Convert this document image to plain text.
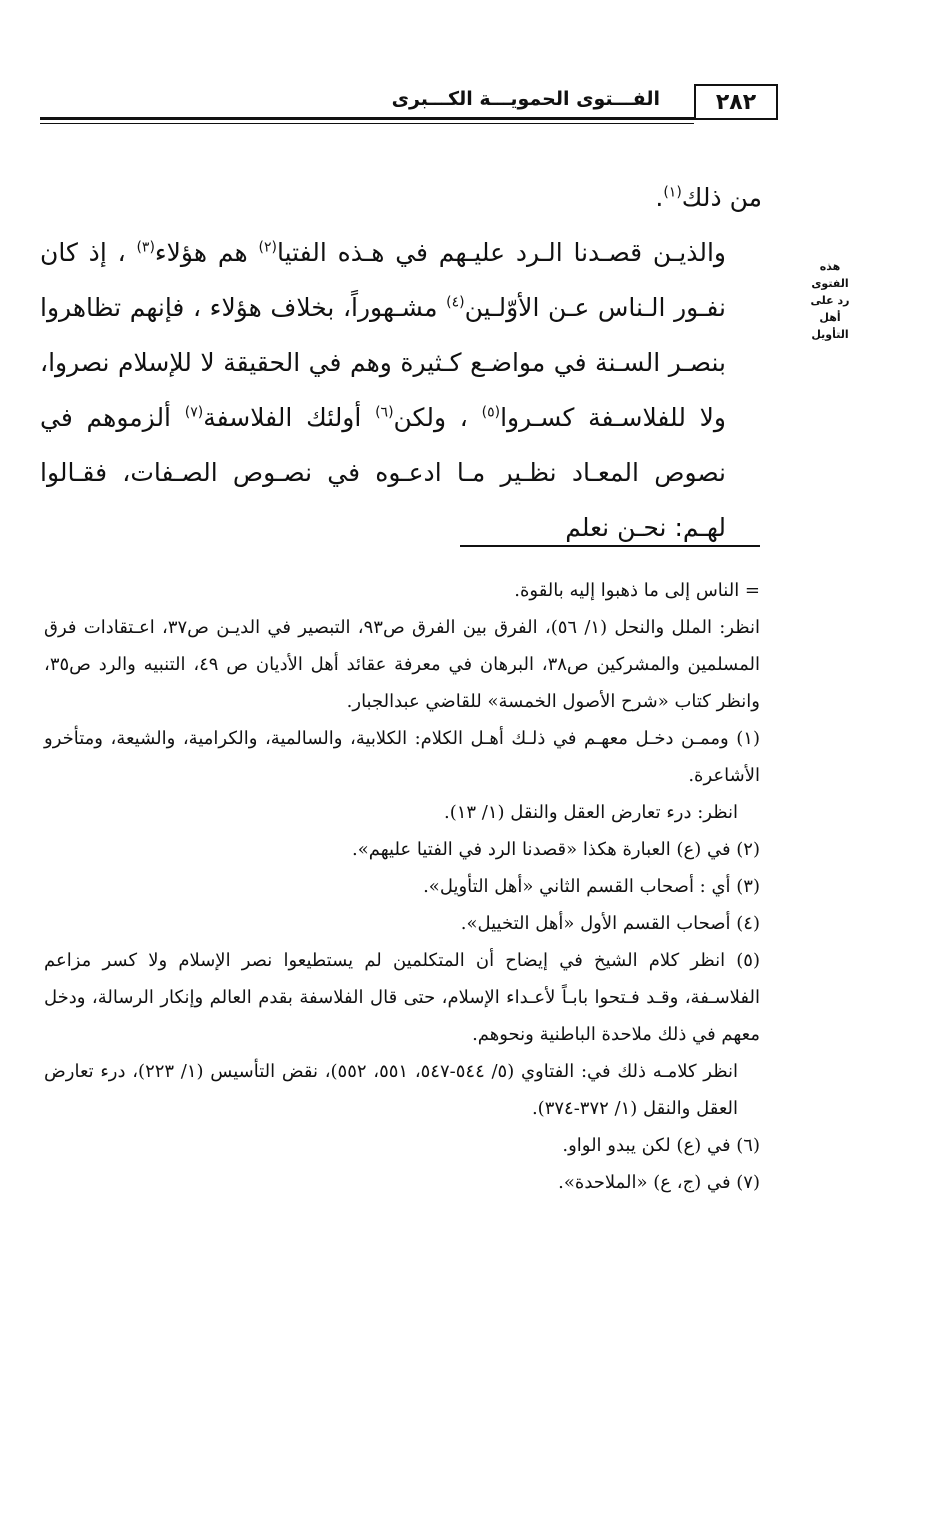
الفـــتوى الحمويـــة الكـــبرى	٢٨٢
هذه الفتوى
رد على أهل
التأويل

من ذلك$^{(١)}$.

والذيـن قصـدنا الـرد عليـهم في هـذه الفتيا$^{(٢)}$ هم هؤلاء$^{(٣)}$ ، إذ كان نفـور الـناس عـن الأوّلـين$^{(٤)}$ مشـهوراً، بخلاف هؤلاء ، فإنهم تظاهروا بنصـر السـنة في مواضـع كـثيرة وهم في الحقيقة لا للإسلام نصروا، ولا للفلاسـفة كسـروا$^{(٥)}$ ، ولكن$^{(٦)}$ أولئك الفلاسفة$^{(٧)}$ ألزموهم في نصوص المعـاد نظـير مـا ادعـوه في نصـوص الصـفات، فقـالوا لهـم: نحـن نعلم

= الناس إلى ما ذهبوا إليه بالقوة.

انظر: الملل والنحل (١/ ٥٦)، الفرق بين الفرق ص٩٣، التبصير في الديـن ص٣٧، اعـتقادات فرق المسلمين والمشركين ص٣٨، البرهان في معرفة عقائد أهل الأديان ص ٤٩، التنبيه والرد ص٣٥، وانظر كتاب «شرح الأصول الخمسة» للقاضي عبدالجبار.

(١) وممـن دخـل معهـم في ذلـك أهـل الكلام: الكلابية، والسالمية، والكرامية، والشيعة، ومتأخرو الأشاعرة.

انظر: درء تعارض العقل والنقل (١/ ١٣).

(٢) في (ع) العبارة هكذا «قصدنا الرد في الفتيا عليهم».

(٣) أي : أصحاب القسم الثاني «أهل التأويل».

(٤) أصحاب القسم الأول «أهل التخييل».

(٥) انظر كلام الشيخ في إيضاح أن المتكلمين لم يستطيعوا نصر الإسلام ولا كسر مزاعم الفلاسـفة، وقـد فـتحوا بابـاً لأعـداء الإسلام، حتى قال الفلاسفة بقدم العالم وإنكار الرسالة، ودخل معهم في ذلك ملاحدة الباطنية ونحوهم.

انظر كلامـه ذلك في: الفتاوي (٥/ ٥٤٤-٥٤٧، ٥٥١، ٥٥٢)، نقض التأسيس (١/ ٢٢٣)، درء تعارض العقل والنقل (١/ ٣٧٢-٣٧٤).

(٦) في (ع) لكن يبدو الواو.

(٧) في (ج، ع) «الملاحدة».
